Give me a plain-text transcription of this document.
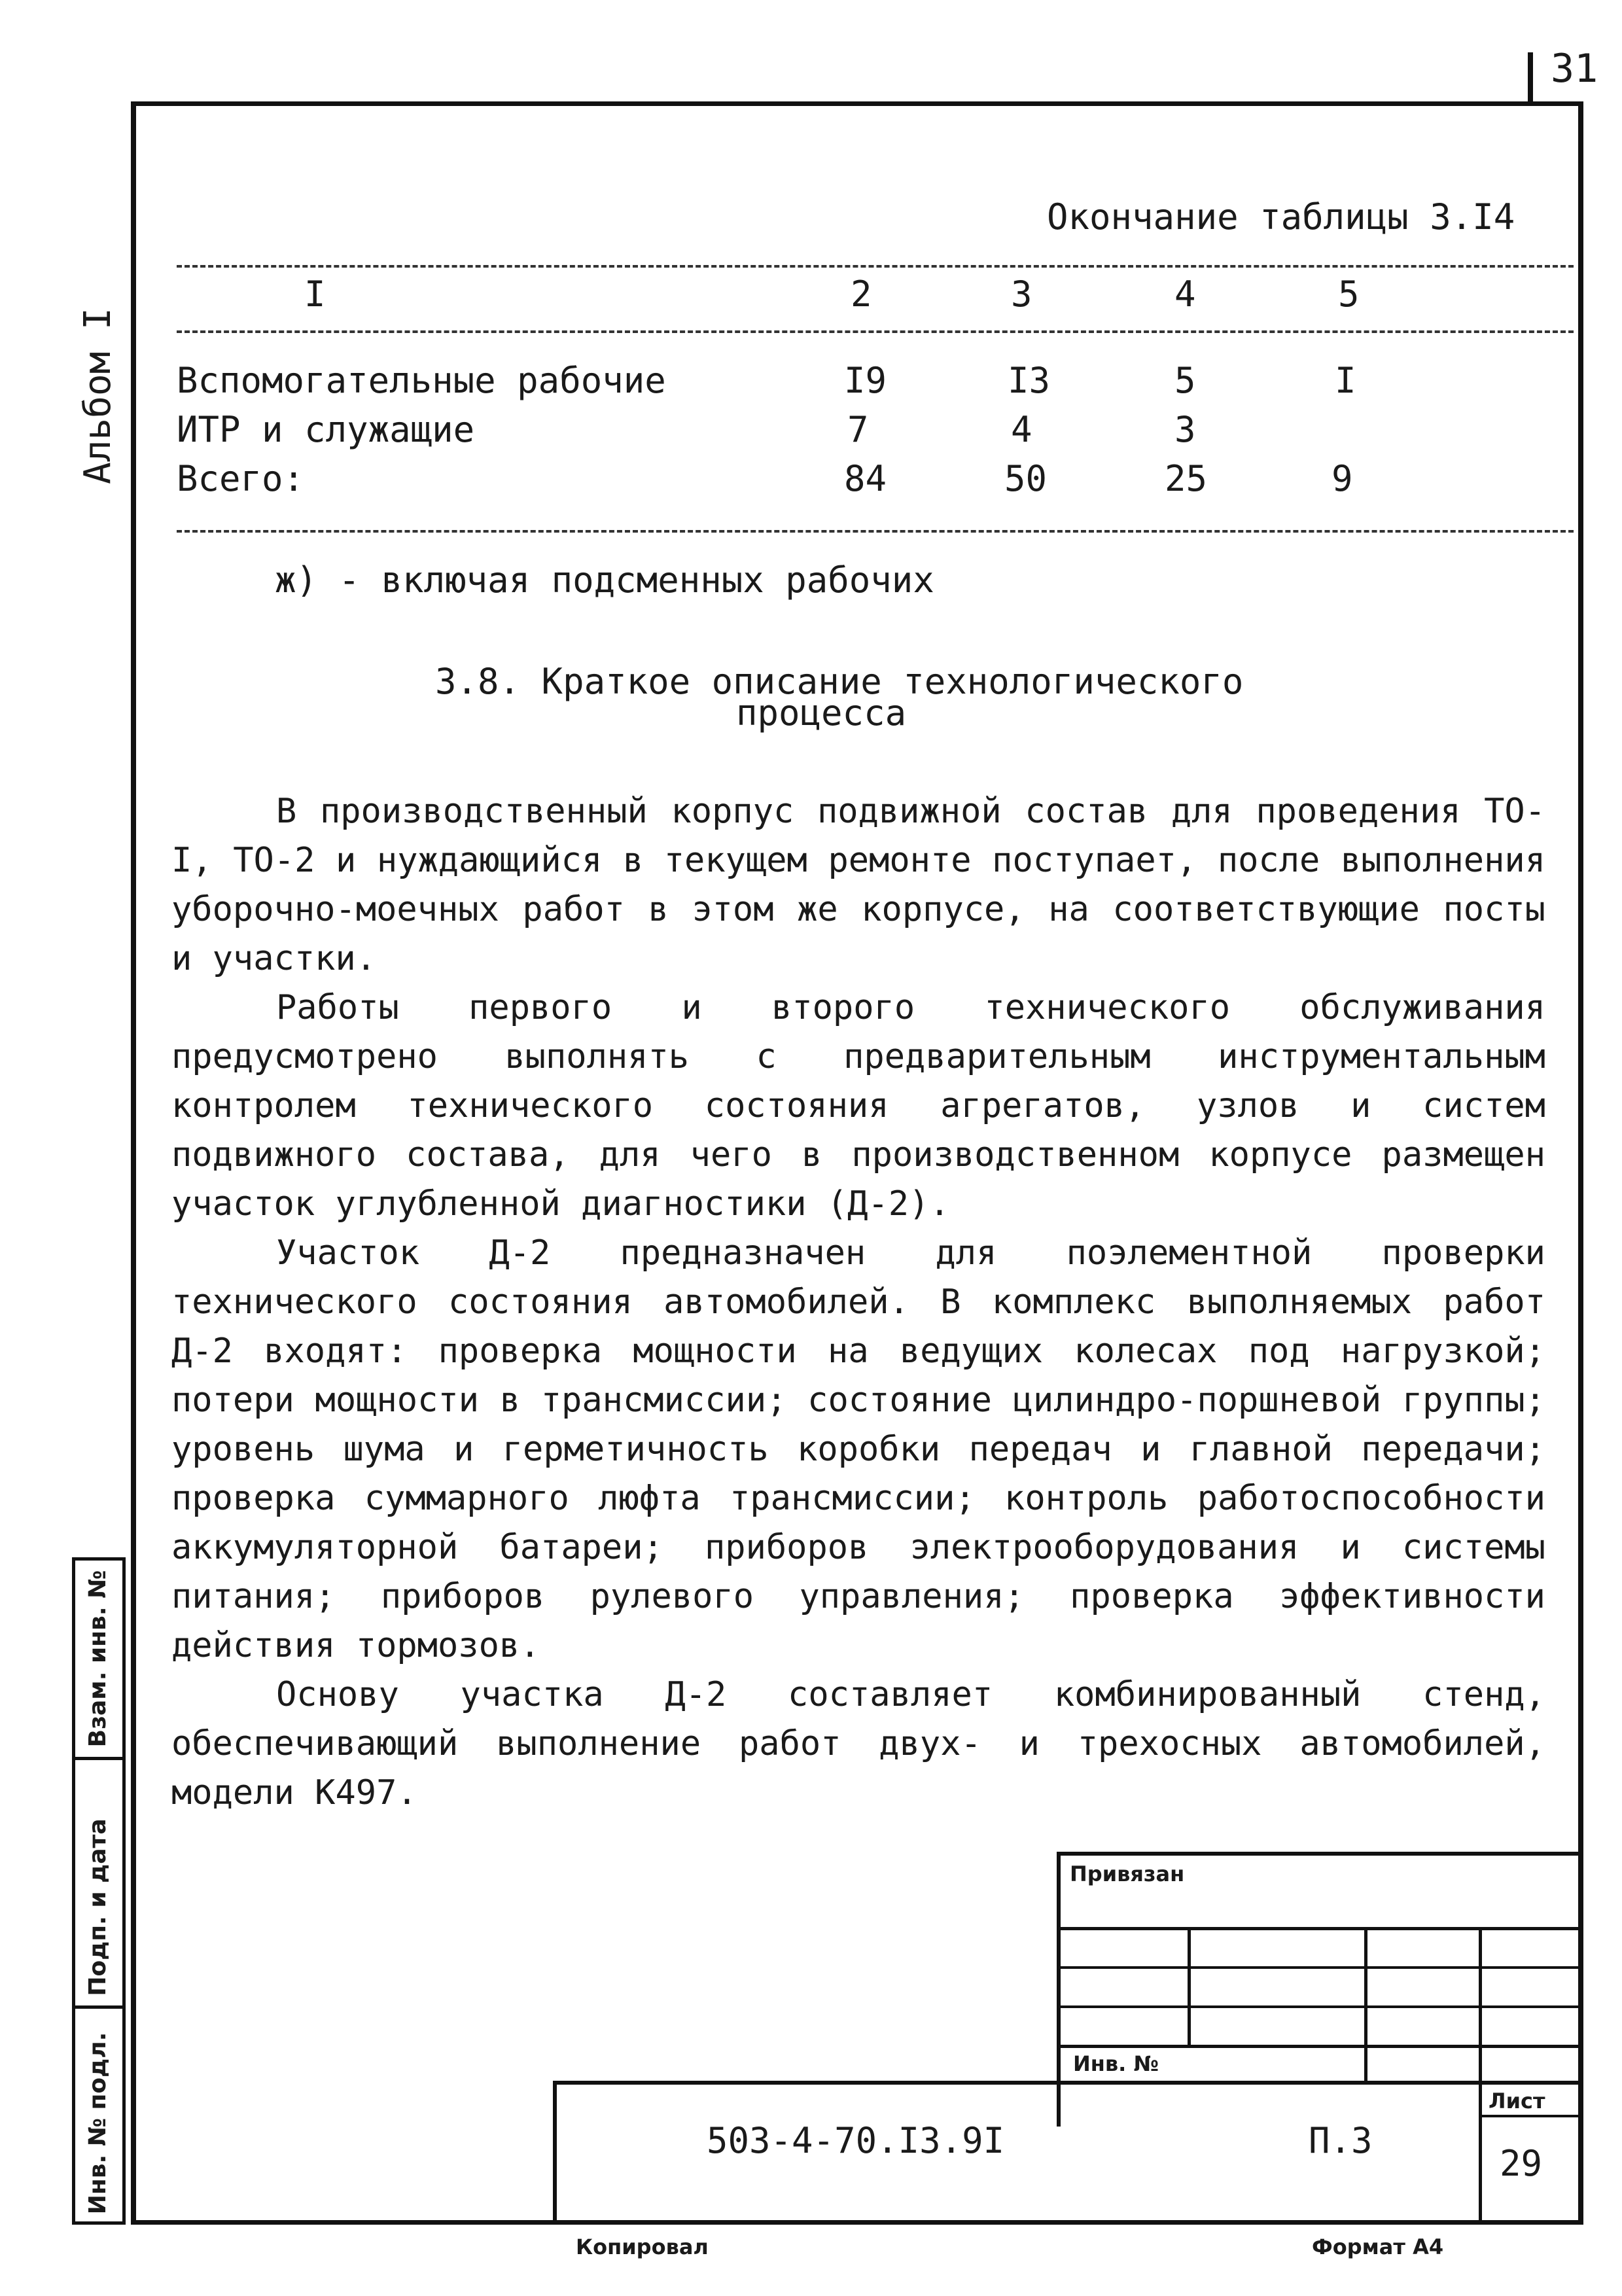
31
Альбом I
Взам. инв. №
Подп. и дата
Инв. № подл.
Окончание таблицы 3.I4
I	2	3	4	5
Вспомогательные рабочие	I9	I3	5	I
ИТР и служащие	7	4	3
Всего:	84	50	25	9
ж) - включая подсменных рабочих
3.8. Краткое описание технологического
процесса

В производственный корпус подвижной состав для проведения ТО-I, ТО-2 и нуждающийся в текущем ремонте поступает, после выполнения уборочно-моечных работ в этом же корпусе, на соответствующие посты и участки.

Работы первого и второго технического обслуживания предусмотрено выполнять с предварительным инструментальным контролем технического состояния агрегатов, узлов и систем подвижного состава, для чего в производственном корпусе размещен участок углубленной диагностики (Д-2).

Участок Д-2 предназначен для поэлементной проверки технического состояния автомобилей. В комплекс выполняемых работ Д-2 входят: проверка мощности на ведущих колесах под нагрузкой; потери мощности в трансмиссии; состояние цилиндро-поршневой группы; уровень шума и герметичность коробки передач и главной передачи; проверка суммарного люфта трансмиссии; контроль работоспособности аккумуляторной батареи; приборов электрооборудования и системы питания; приборов рулевого управления; проверка эффективности действия тормозов.

Основу участка Д-2 составляет комбинированный стенд, обеспечивающий выполнение работ двух- и трехосных автомобилей, модели К497.

Привязан
Инв. №
Лист
503-4-70.I3.9I	П.3
29
Копировал	Формат А4
